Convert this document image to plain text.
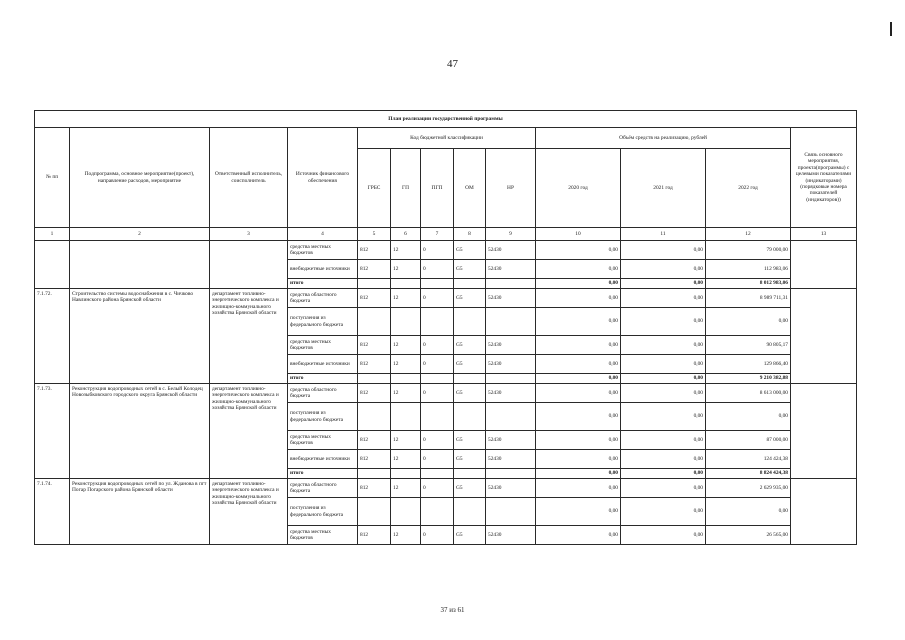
47
План реализации государственной программы												
№ пп	Подпрограмма, основное мероприятие(проект), направление расходов, мероприятие	Ответственный исполнитель, соисполнитель	Источник финансового обеспечения	Код бюджетной классификации					Объём средств на реализацию, рублей			Связь основного мероприятия, проекта(программы) с целевыми показателями (индикаторами) (порядковые номера показателей (индикаторов))
				ГРБС	ГП	ПГП	ОМ	НР	2020 год	2021 год	2022 год	
1	2	3	4	5	6	7	8	9	10	11	12	13
			средства местных бюджетов	812	12	0	G5	52430	0,00	0,00	79 000,00	
			внебюджетные источники	812	12	0	G5	52430	0,00	0,00	112 983,06	
			итого						0,00	0,00	8 012 983,06	
7.1.72.	Строительство системы водоснабжения в с. Чичково Навлинского района Брянской области	департамент топливно-энергетического комплекса и жилищно-коммунального хозяйства Брянской области	средства областного бюджета	812	12	0	G5	52430	0,00	0,00	8 989 711,31	
			поступления из федерального бюджета						0,00	0,00	0,00	
			средства местных бюджетов	812	12	0	G5	52430	0,00	0,00	90 805,17	
			внебюджетные источники	812	12	0	G5	52430	0,00	0,00	129 866,40	
			итого						0,00	0,00	9 210 382,88	
7.1.73.	Реконструкция водопроводных сетей в с. Белый Колодец Новозыбковского городского округа Брянской области	департамент топливно-энергетического комплекса и жилищно-коммунального хозяйства Брянской области	средства областного бюджета	812	12	0	G5	52430	0,00	0,00	8 613 000,00	
			поступления из федерального бюджета						0,00	0,00	0,00	
			средства местных бюджетов	812	12	0	G5	52430	0,00	0,00	87 000,00	
			внебюджетные источники	812	12	0	G5	52430	0,00	0,00	124 424,38	
			итого						0,00	0,00	8 824 424,38	
7.1.74.	Реконструкция водопроводных сетей по ул. Жданова в пгт Погар Погарского района Брянской области	департамент топливно-энергетического комплекса и жилищно-коммунального хозяйства Брянской области	средства областного бюджета	812	12	0	G5	52430	0,00	0,00	2 629 935,00	
			поступления из федерального бюджета						0,00	0,00	0,00	
			средства местных бюджетов	812	12	0	G5	52430	0,00	0,00	26 565,00	
37 из 61
